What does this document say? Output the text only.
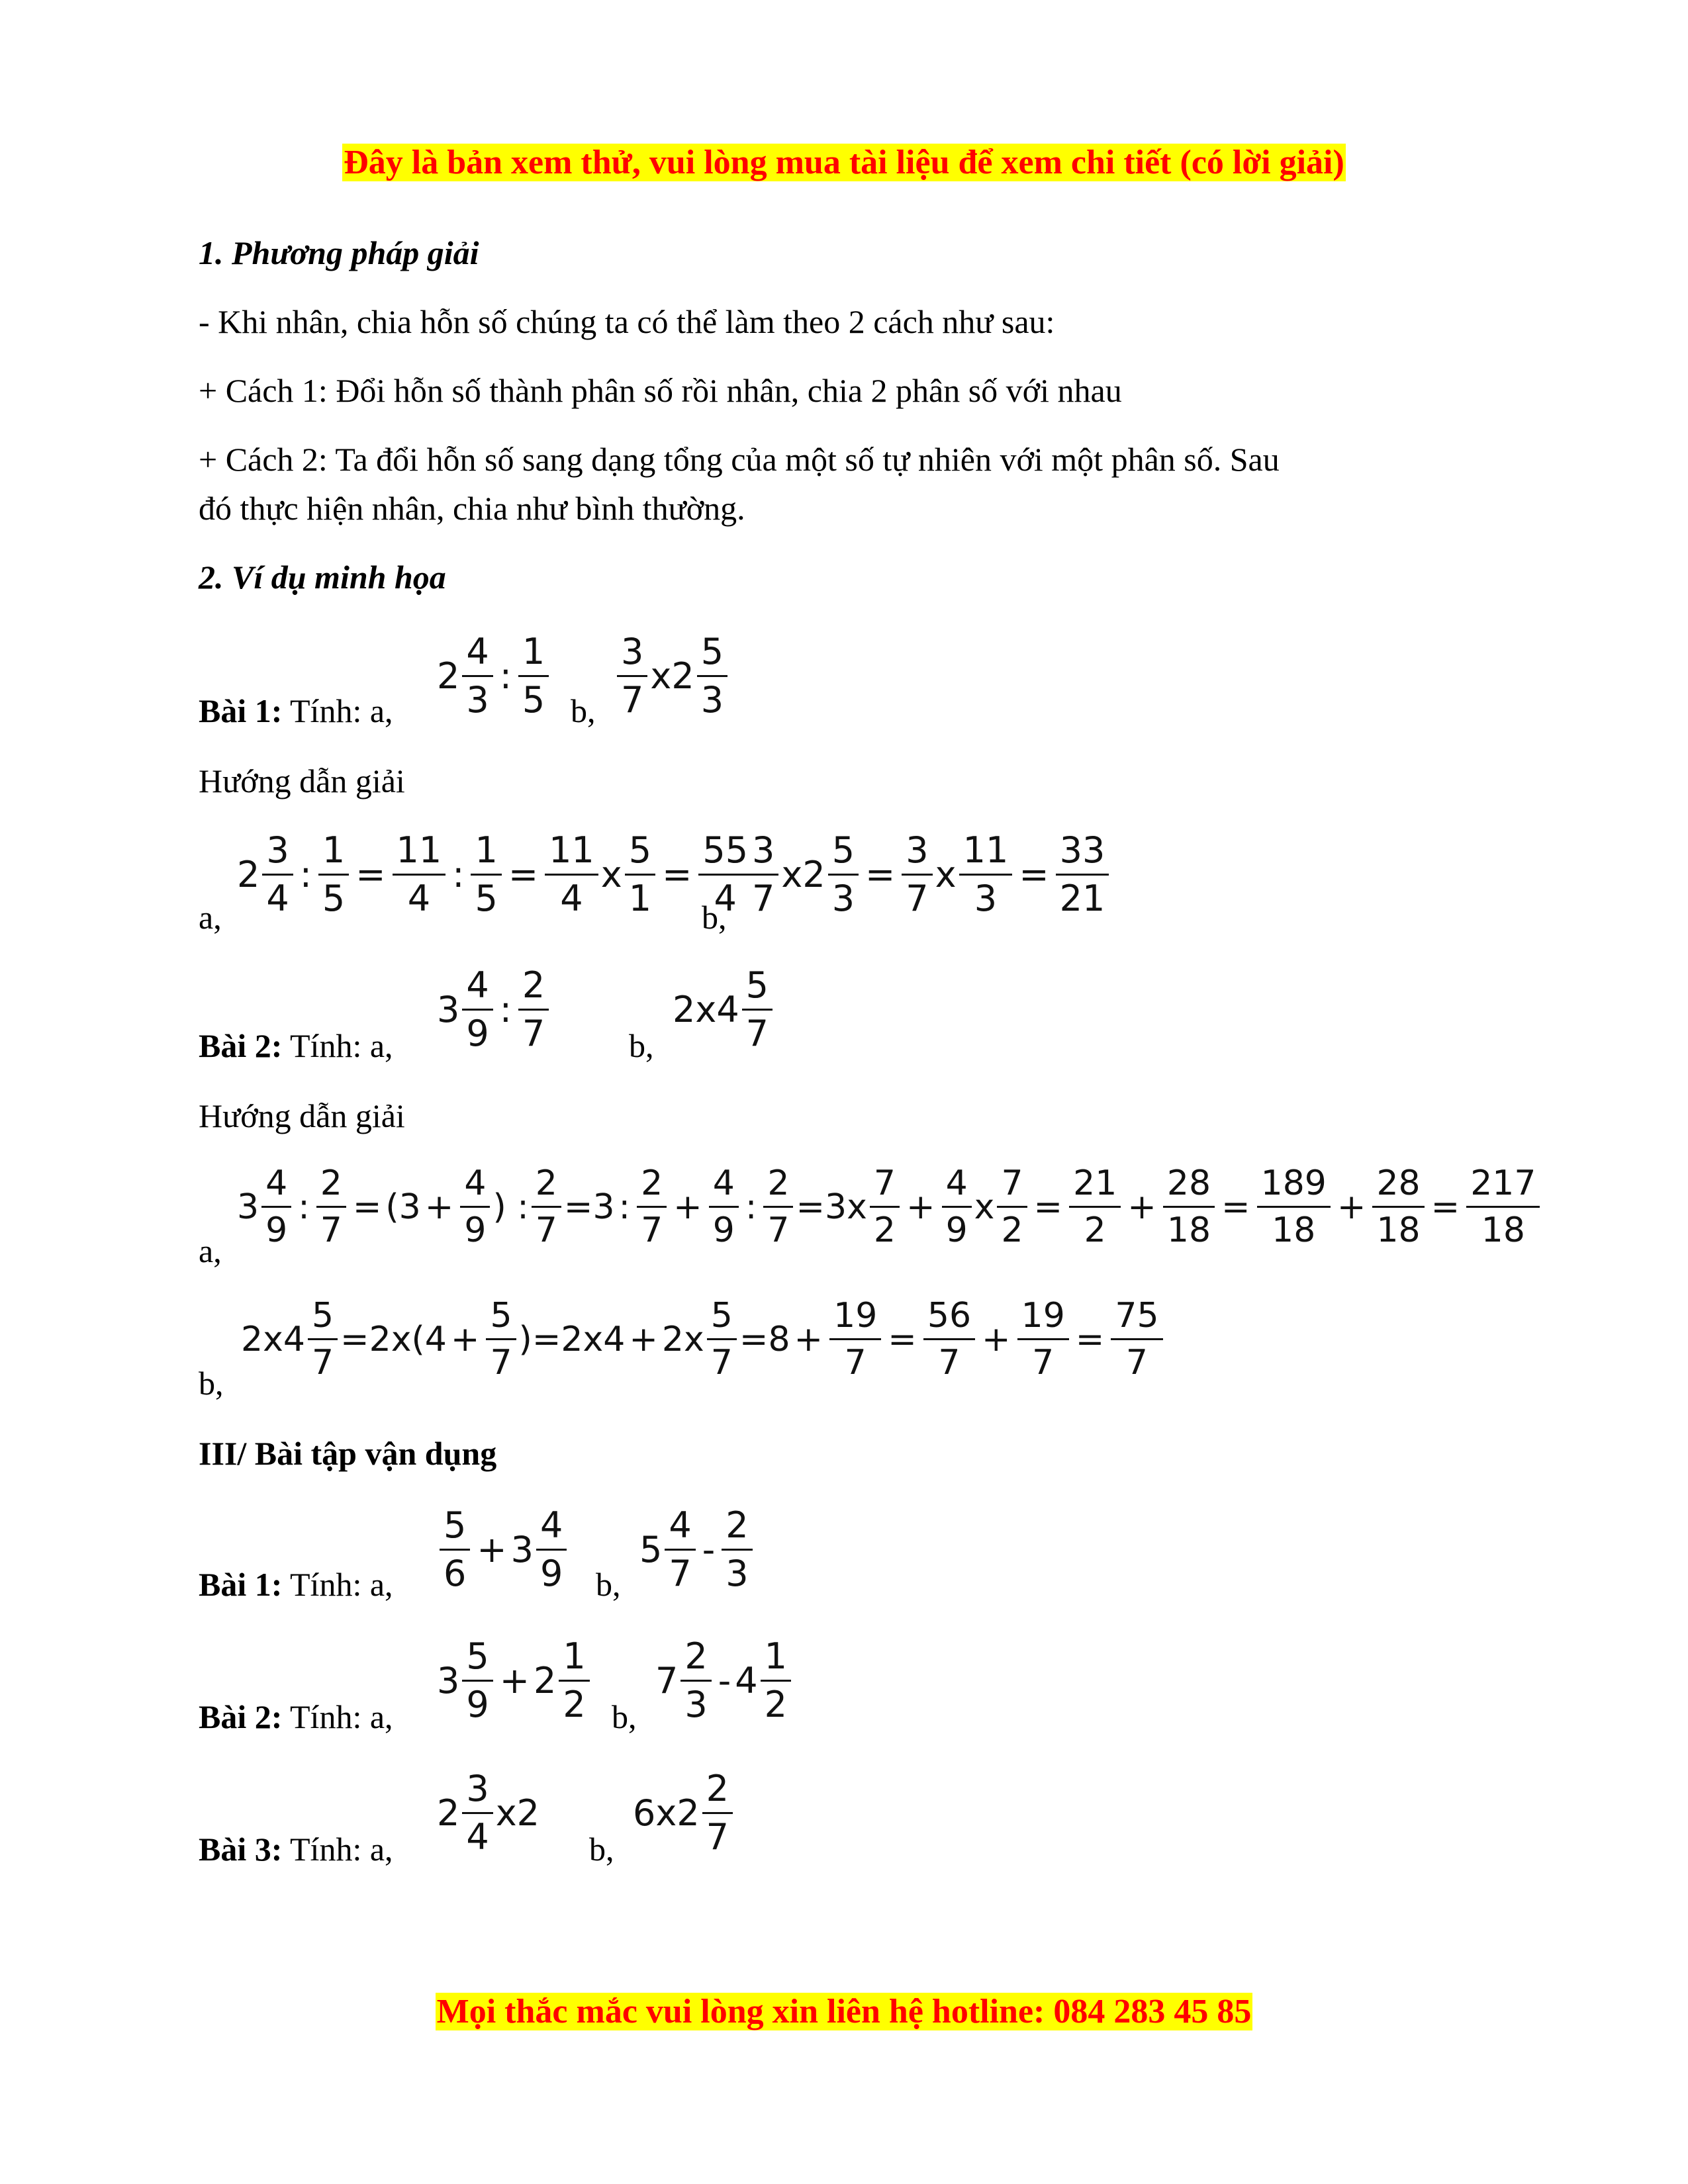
Đây là bản xem thử, vui lòng mua tài liệu để xem chi tiết (có lời giải)
1. Phương pháp giải
- Khi nhân, chia hỗn số chúng ta có thể làm theo 2 cách như sau:
+ Cách 1: Đổi hỗn số thành phân số rồi nhân, chia 2 phân số với nhau
+ Cách 2: Ta đổi hỗn số sang dạng tổng của một số tự nhiên với một phân số. Sau
đó thực hiện nhân, chia như bình thường.
2. Ví dụ minh họa
Bài 1: Tính: a,
$2 \frac{4}{3}$ : $\frac{1}{5} b$, $\frac{3}{7} x2 \frac{5}{3}$
Hướng dẫn giải
a,
$2 \frac{3}{4}$ : $\frac{1}{5} = \frac{11}{4}$ : $\frac{1}{5} = \frac{11}{4}$ x $\frac{5}{1} = \frac{55}{4}$
b,
$\frac{3}{7} x2 \frac{5}{3} = \frac{3}{7}$ x $\frac{11}{3} = \frac{33}{21}$
Bài 2: Tính: a,
$3 \frac{4}{9}$ : $\frac{2}{7} b$,
$2x4 \frac{5}{7}$
Hướng dẫn giải
a,
$3 \frac{4}{9}$ : $\frac{2}{7} = (3 + \frac{4}{9}$ ) : $\frac{2}{7} =3$ : $\frac{2}{7} + \frac{4}{9}$ : $\frac{2}{7} =3x \frac{7}{2} + \frac{4}{9}$ x $\frac{7}{2} = \frac{21}{2} + \frac{28}{18} = \frac{189}{18} + \frac{28}{18} = \frac{217}{18}$
b,
$2x4 \frac{5}{7} =2x$ ($4 + \frac{5}{7}$ ) $=2x4 + 2x \frac{5}{7} =8 + \frac{19}{7} = \frac{56}{7} + \frac{19}{7} = \frac{75}{7}$
III/ Bài tập vận dụng
Bài 1: Tính: a, $\frac{5}{6} + 3 \frac{4}{9} b$,
$5 \frac{4}{7} - \frac{2}{3}$
Bài 2: Tính: a,
$3 \frac{5}{9} + 2 \frac{1}{2} b$,
$7 \frac{2}{3} - 4 \frac{1}{2}$
Bài 3: Tính: a,
$2 \frac{3}{4} x2$
b,
$6x2 \frac{2}{7}$
Mọi thắc mắc vui lòng xin liên hệ hotline: 084 283 45 85
